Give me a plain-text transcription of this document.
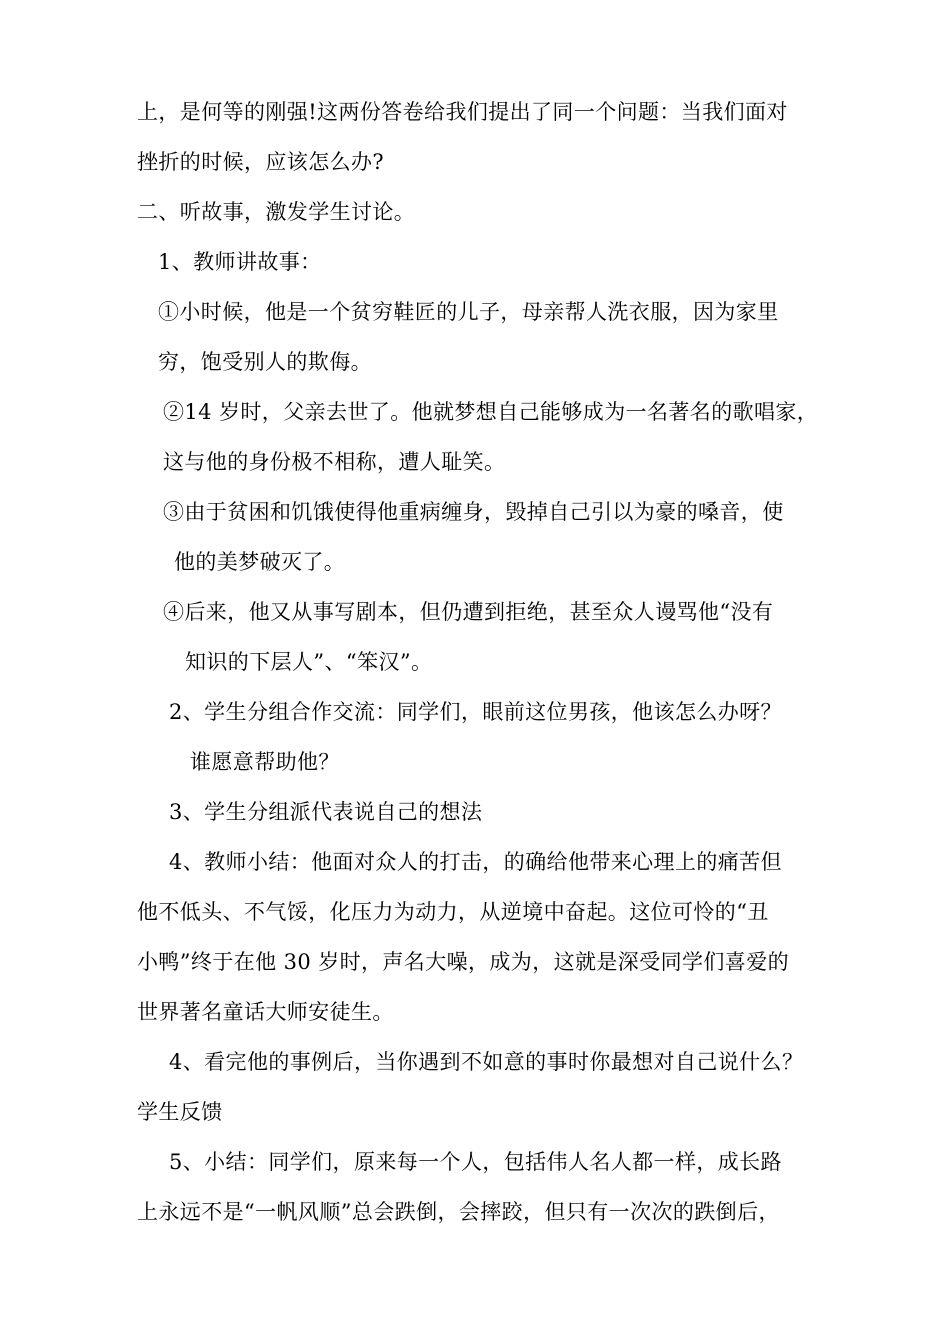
上，是何等的刚强!这两份答卷给我们提出了同一个问题：当我们面对
挫折的时候，应该怎么办?
二、听故事，激发学生讨论。
1、教师讲故事：
①小时候，他是一个贫穷鞋匠的儿子，母亲帮人洗衣服，因为家里
穷，饱受别人的欺侮。
②14 岁时，父亲去世了。他就梦想自己能够成为一名著名的歌唱家，
这与他的身份极不相称，遭人耻笑。
③由于贫困和饥饿使得他重病缠身，毁掉自己引以为豪的嗓音，使
他的美梦破灭了。
④后来，他又从事写剧本，但仍遭到拒绝，甚至众人谩骂他“没有
知识的下层人”、“笨汉”。
2、学生分组合作交流：同学们，眼前这位男孩，他该怎么办呀？
谁愿意帮助他？
3、学生分组派代表说自己的想法
4、教师小结：他面对众人的打击，的确给他带来心理上的痛苦但
他不低头、不气馁，化压力为动力，从逆境中奋起。这位可怜的“丑
小鸭”终于在他 30 岁时，声名大噪，成为，这就是深受同学们喜爱的
世界著名童话大师安徒生。
4、看完他的事例后，当你遇到不如意的事时你最想对自己说什么？
学生反馈
5、小结：同学们，原来每一个人，包括伟人名人都一样，成长路
上永远不是“一帆风顺”总会跌倒，会摔跤，但只有一次次的跌倒后，
